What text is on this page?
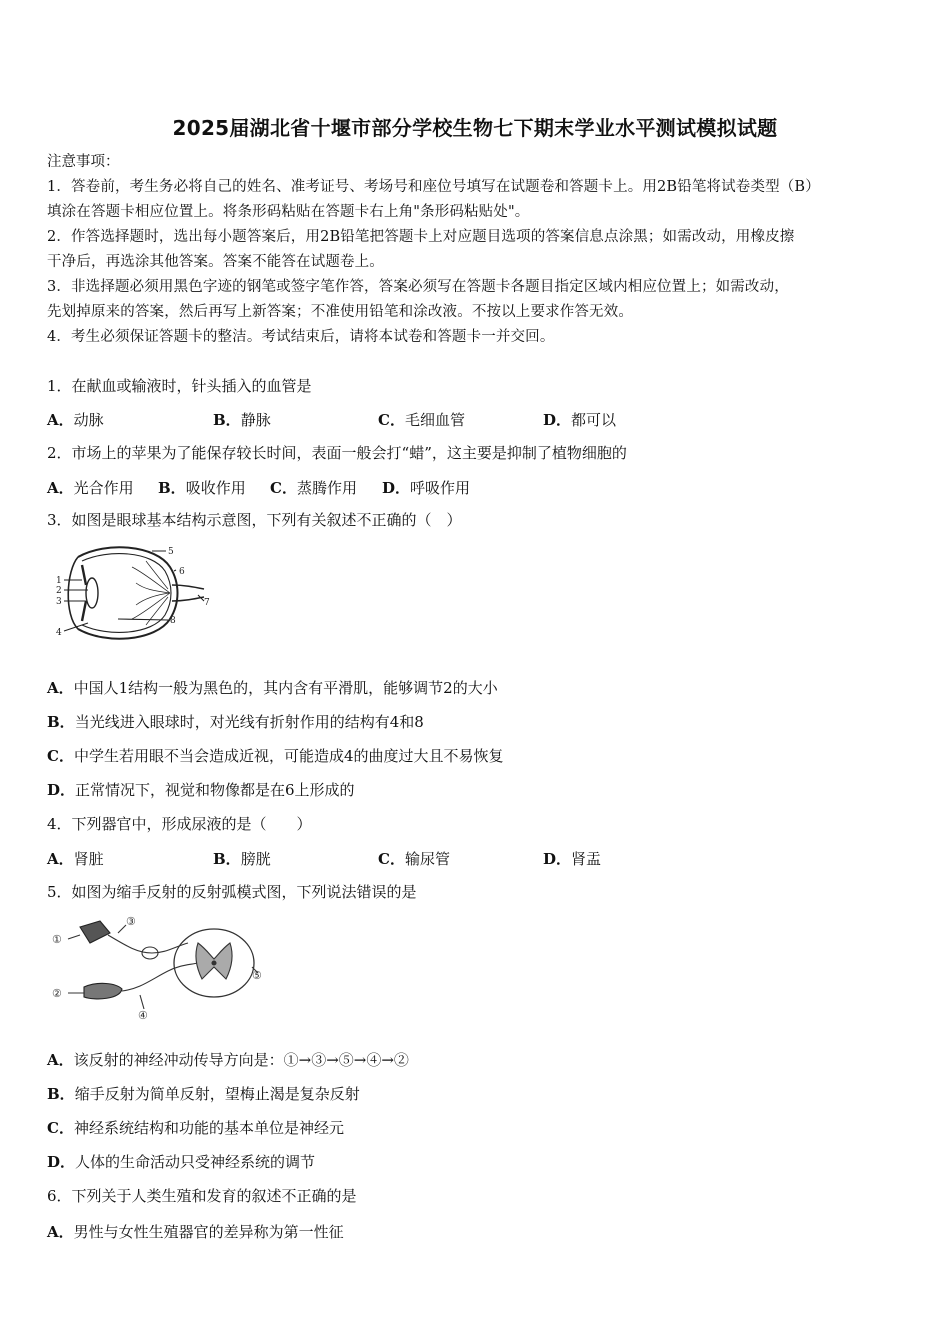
2025届湖北省十堰市部分学校生物七下期末学业水平测试模拟试题
注意事项：
1．答卷前，考生务必将自己的姓名、准考证号、考场号和座位号填写在试题卷和答题卡上。用2B铅笔将试卷类型（B）
填涂在答题卡相应位置上。将条形码粘贴在答题卡右上角"条形码粘贴处"。
2．作答选择题时，选出每小题答案后，用2B铅笔把答题卡上对应题目选项的答案信息点涂黑；如需改动，用橡皮擦
干净后，再选涂其他答案。答案不能答在试题卷上。
3．非选择题必须用黑色字迹的钢笔或签字笔作答，答案必须写在答题卡各题目指定区域内相应位置上；如需改动，
先划掉原来的答案，然后再写上新答案；不准使用铅笔和涂改液。不按以上要求作答无效。
4．考生必须保证答题卡的整洁。考试结束后，请将本试卷和答题卡一并交回。
1．在献血或输液时，针头插入的血管是
A．动脉	B．静脉	C．毛细血管	D．都可以
2．市场上的苹果为了能保存较长时间，表面一般会打“蜡”，这主要是抑制了植物细胞的
A．光合作用 B．吸收作用 C．蒸腾作用 D．呼吸作用
3．如图是眼球基本结构示意图，下列有关叙述不正确的（　）
1
2
3
4
5
6
7
8
A．中国人1结构一般为黑色的，其内含有平滑肌，能够调节2的大小
B．当光线进入眼球时，对光线有折射作用的结构有4和8
C．中学生若用眼不当会造成近视，可能造成4的曲度过大且不易恢复
D．正常情况下，视觉和物像都是在6上形成的
4．下列器官中，形成尿液的是（　　）
A．肾脏	B．膀胱	C．输尿管	D．肾盂
5．如图为缩手反射的反射弧模式图，下列说法错误的是
①
②
③
④
⑤
A．该反射的神经冲动传导方向是：①→③→⑤→④→②
B．缩手反射为简单反射，望梅止渴是复杂反射
C．神经系统结构和功能的基本单位是神经元
D．人体的生命活动只受神经系统的调节
6．下列关于人类生殖和发育的叙述不正确的是
A．男性与女性生殖器官的差异称为第一性征
